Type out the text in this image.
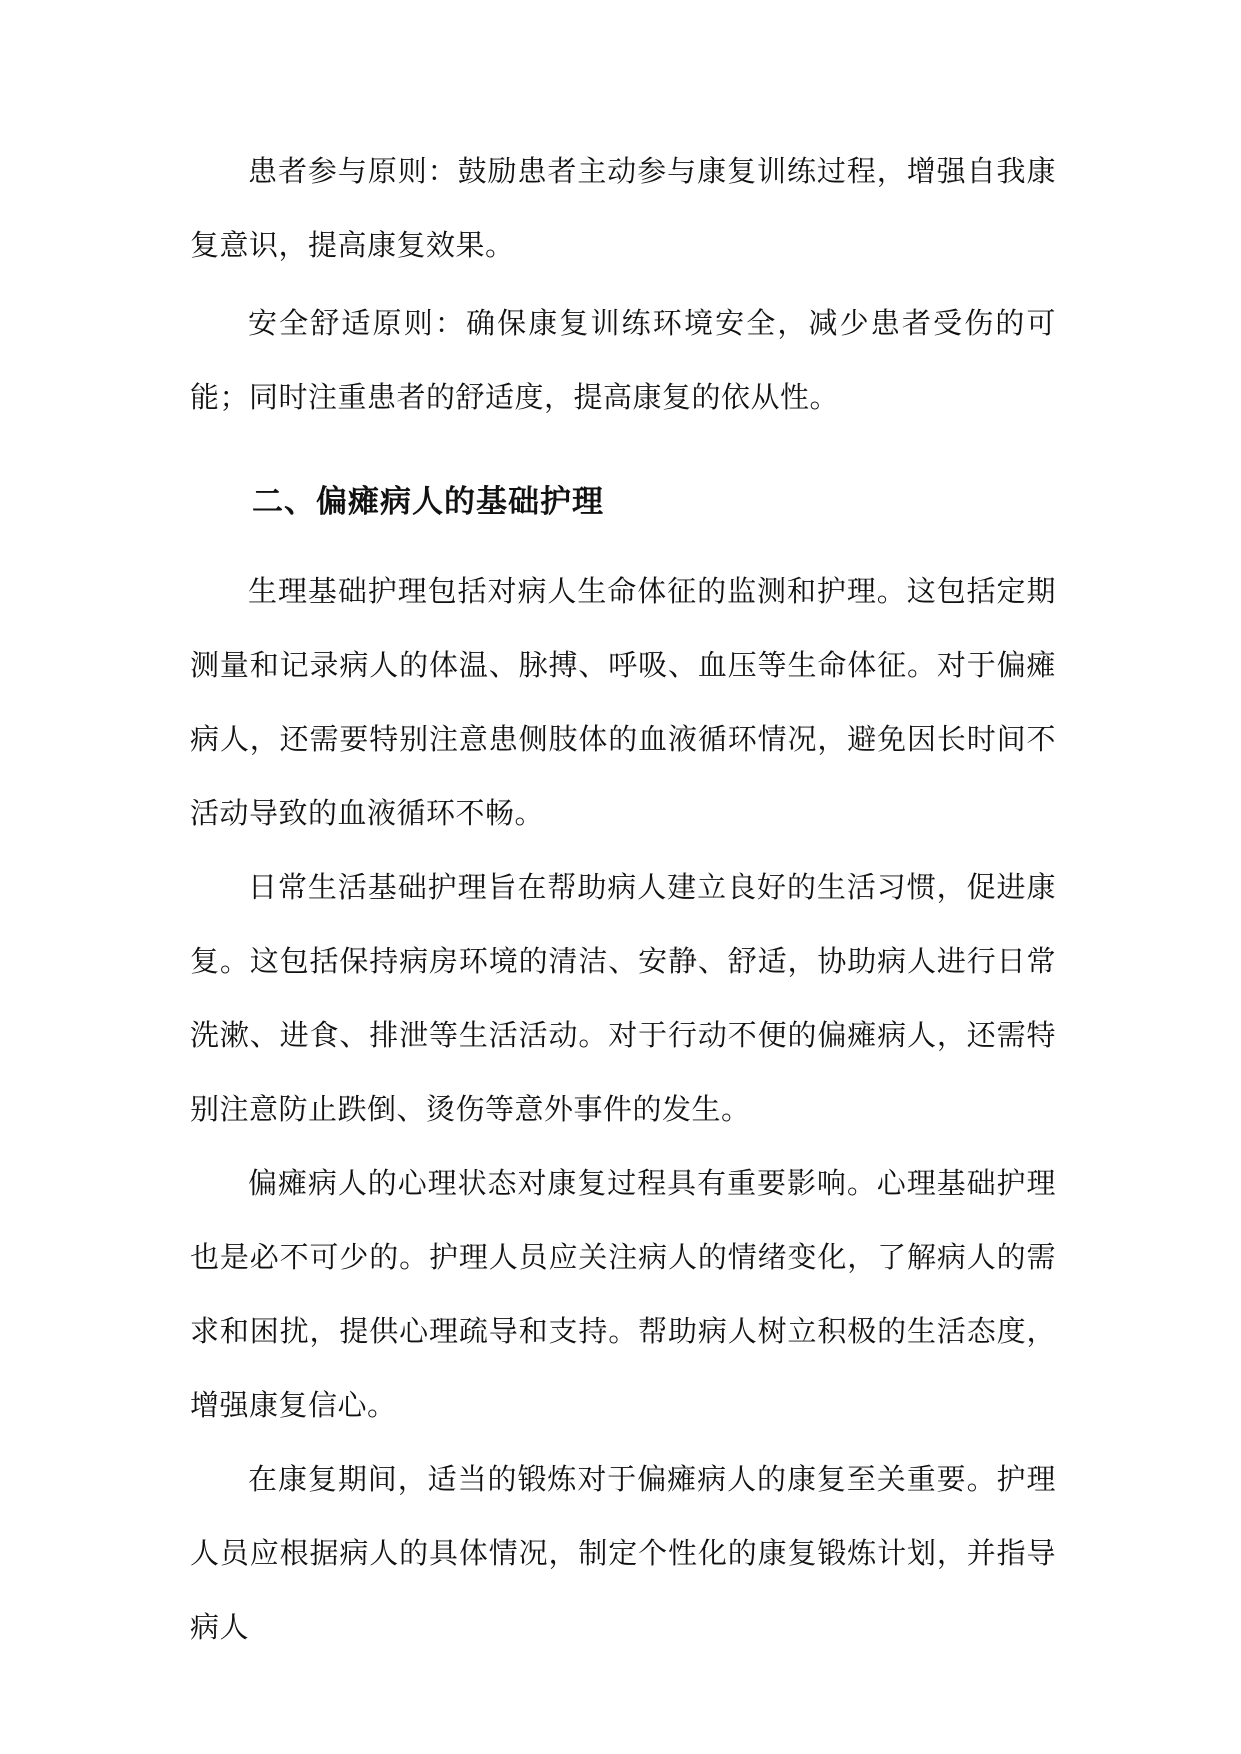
患者参与原则：鼓励患者主动参与康复训练过程，增强自我康复意识，提高康复效果。

安全舒适原则：确保康复训练环境安全，减少患者受伤的可能；同时注重患者的舒适度，提高康复的依从性。

二、偏瘫病人的基础护理

生理基础护理包括对病人生命体征的监测和护理。这包括定期测量和记录病人的体温、脉搏、呼吸、血压等生命体征。对于偏瘫病人，还需要特别注意患侧肢体的血液循环情况，避免因长时间不活动导致的血液循环不畅。

日常生活基础护理旨在帮助病人建立良好的生活习惯，促进康复。这包括保持病房环境的清洁、安静、舒适，协助病人进行日常洗漱、进食、排泄等生活活动。对于行动不便的偏瘫病人，还需特别注意防止跌倒、烫伤等意外事件的发生。

偏瘫病人的心理状态对康复过程具有重要影响。心理基础护理也是必不可少的。护理人员应关注病人的情绪变化，了解病人的需求和困扰，提供心理疏导和支持。帮助病人树立积极的生活态度，增强康复信心。

在康复期间，适当的锻炼对于偏瘫病人的康复至关重要。护理人员应根据病人的具体情况，制定个性化的康复锻炼计划，并指导病人
